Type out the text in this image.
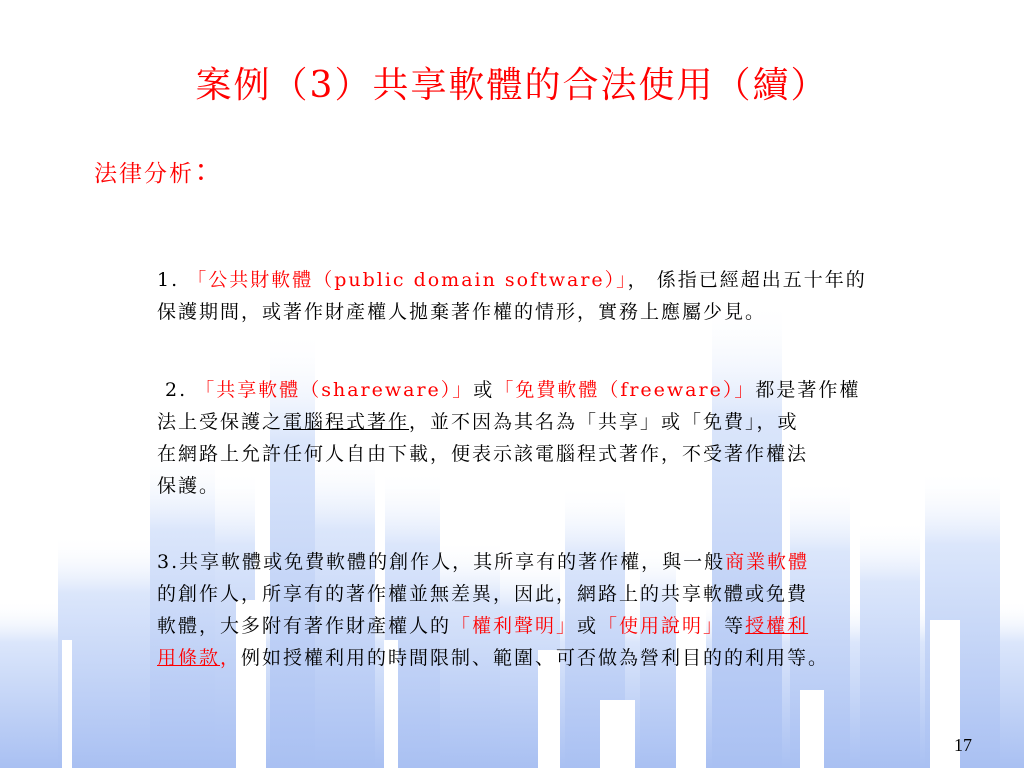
案例（3）共享軟體的合法使用（續）
法律分析：
1. 「公共財軟體（public domain software）」， 係指已經超出五十年的
保護期間，或著作財產權人拋棄著作權的情形，實務上應屬少見。
2. 「共享軟體（shareware）」或「免費軟體（freeware）」都是著作權
法上受保護之電腦程式著作，並不因為其名為「共享」或「免費」，或
在網路上允許任何人自由下載，便表示該電腦程式著作，不受著作權法
保護。
3.共享軟體或免費軟體的創作人，其所享有的著作權，與一般商業軟體
的創作人，所享有的著作權並無差異，因此，網路上的共享軟體或免費
軟體，大多附有著作財產權人的「權利聲明」或「使用說明」等授權利
用條款，例如授權利用的時間限制、範圍、可否做為營利目的的利用等。
17
